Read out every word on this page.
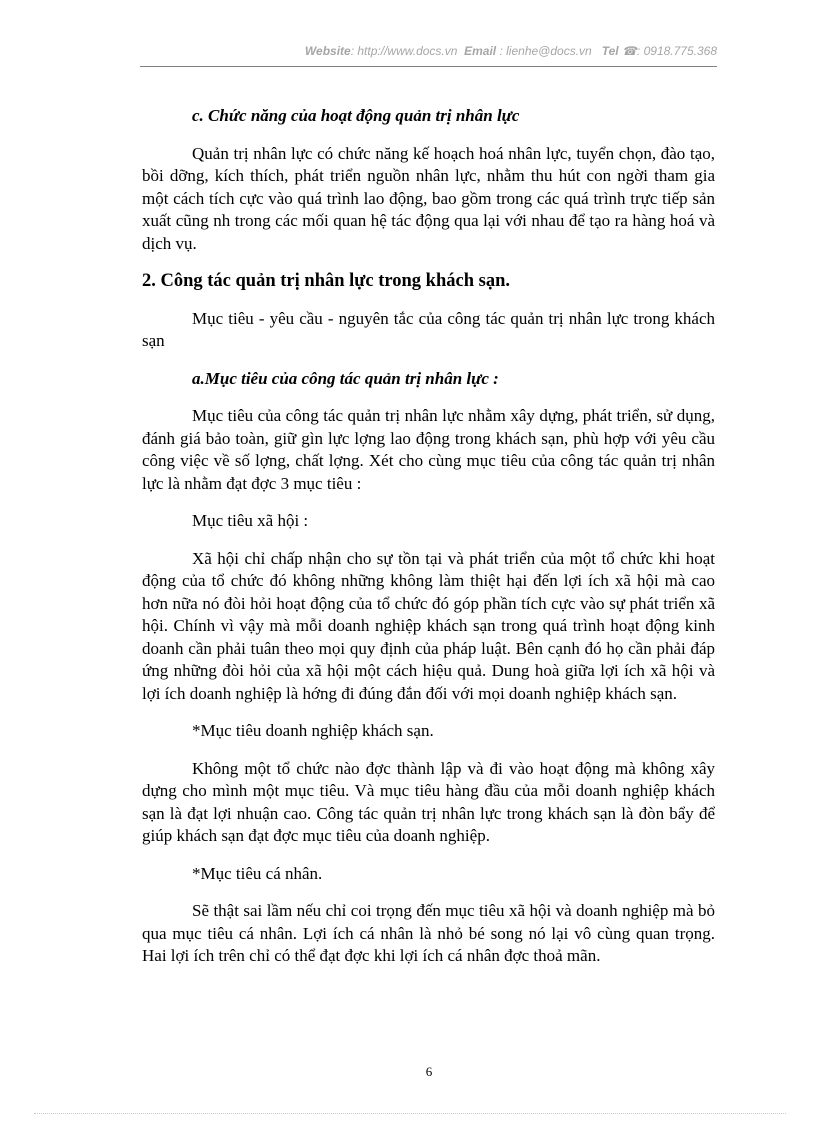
Website: http://www.docs.vn Email : lienhe@docs.vn Tel ☎: 0918.775.368

c. Chức năng của hoạt động quản trị nhân lực

Quản trị nhân lực có chức năng kế hoạch hoá nhân lực, tuyển chọn, đào tạo, bồi dỡng, kích thích, phát triển nguồn nhân lực, nhằm thu hút con ngời tham gia một cách tích cực vào quá trình lao động, bao gồm trong các quá trình trực tiếp sản xuất cũng nh trong các mối quan hệ tác động qua lại với nhau để tạo ra hàng hoá và dịch vụ.

2. Công tác quản trị nhân lực trong khách sạn.

Mục tiêu - yêu cầu - nguyên tắc của công tác quản trị nhân lực trong khách sạn

a.Mục tiêu của công tác quản trị nhân lực :

Mục tiêu của công tác quản trị nhân lực nhằm xây dựng, phát triển, sử dụng, đánh giá bảo toàn, giữ gìn lực lợng lao động trong khách sạn, phù hợp với yêu cầu công việc về số lợng, chất lợng. Xét cho cùng mục tiêu của công tác quản trị nhân lực là nhằm đạt đợc 3 mục tiêu :

Mục tiêu xã hội :

Xã hội chỉ chấp nhận cho sự tồn tại và phát triển của một tổ chức khi hoạt động của tổ chức đó không những không làm thiệt hại đến lợi ích xã hội mà cao hơn nữa nó đòi hỏi hoạt động của tổ chức đó góp phần tích cực vào sự phát triển xã hội. Chính vì vậy mà mỗi doanh nghiệp khách sạn trong quá trình hoạt động kinh doanh cần phải tuân theo mọi quy định của pháp luật. Bên cạnh đó họ cần phải đáp ứng những đòi hỏi của xã hội một cách hiệu quả. Dung hoà giữa lợi ích xã hội và lợi ích doanh nghiệp là hớng đi đúng đắn đối với mọi doanh nghiệp khách sạn.

*Mục tiêu doanh nghiệp khách sạn.

Không một tổ chức nào đợc thành lập và đi vào hoạt động mà không xây dựng cho mình một mục tiêu. Và mục tiêu hàng đầu của mỗi doanh nghiệp khách sạn là đạt lợi nhuận cao. Công tác quản trị nhân lực trong khách sạn là đòn bẩy để giúp khách sạn đạt đợc mục tiêu của doanh nghiệp.

*Mục tiêu cá nhân.

Sẽ thật sai lầm nếu chỉ coi trọng đến mục tiêu xã hội và doanh nghiệp mà bỏ qua mục tiêu cá nhân. Lợi ích cá nhân là nhỏ bé song nó lại vô cùng quan trọng. Hai lợi ích trên chỉ có thể đạt đợc khi lợi ích cá nhân đợc thoả mãn.

6
